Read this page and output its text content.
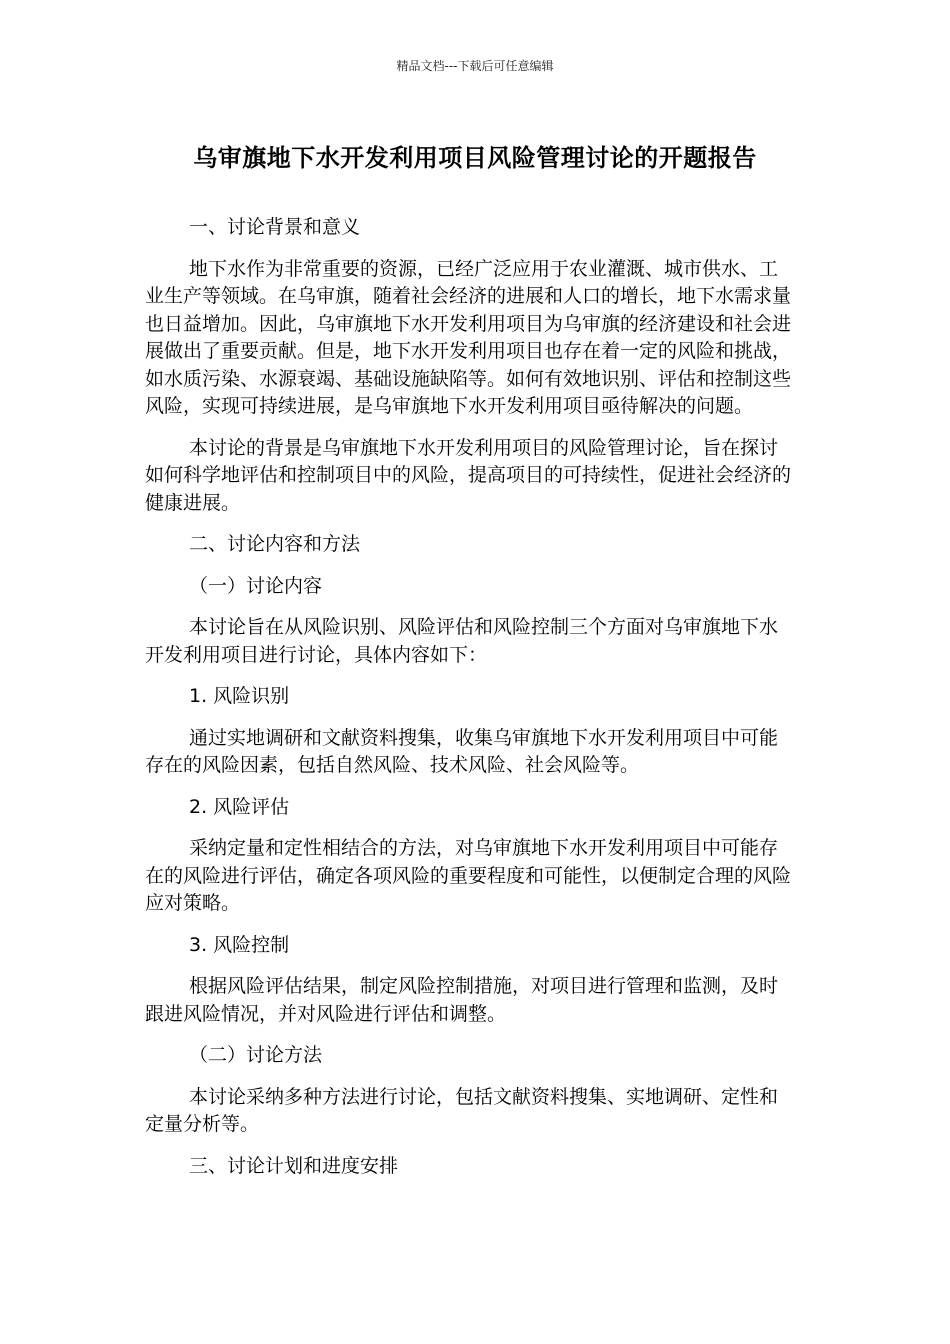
精品文档---下载后可任意编辑
乌审旗地下水开发利用项目风险管理讨论的开题报告

一、讨论背景和意义

地下水作为非常重要的资源，已经广泛应用于农业灌溉、城市供水、工业生产等领域。在乌审旗，随着社会经济的进展和人口的增长，地下水需求量也日益增加。因此，乌审旗地下水开发利用项目为乌审旗的经济建设和社会进展做出了重要贡献。但是，地下水开发利用项目也存在着一定的风险和挑战，如水质污染、水源衰竭、基础设施缺陷等。如何有效地识别、评估和控制这些风险，实现可持续进展，是乌审旗地下水开发利用项目亟待解决的问题。

本讨论的背景是乌审旗地下水开发利用项目的风险管理讨论，旨在探讨如何科学地评估和控制项目中的风险，提高项目的可持续性，促进社会经济的健康进展。

二、讨论内容和方法

（一）讨论内容

本讨论旨在从风险识别、风险评估和风险控制三个方面对乌审旗地下水开发利用项目进行讨论，具体内容如下：

1. 风险识别

通过实地调研和文献资料搜集，收集乌审旗地下水开发利用项目中可能存在的风险因素，包括自然风险、技术风险、社会风险等。

2. 风险评估

采纳定量和定性相结合的方法，对乌审旗地下水开发利用项目中可能存在的风险进行评估，确定各项风险的重要程度和可能性，以便制定合理的风险应对策略。

3. 风险控制

根据风险评估结果，制定风险控制措施，对项目进行管理和监测，及时跟进风险情况，并对风险进行评估和调整。

（二）讨论方法

本讨论采纳多种方法进行讨论，包括文献资料搜集、实地调研、定性和定量分析等。

三、讨论计划和进度安排
